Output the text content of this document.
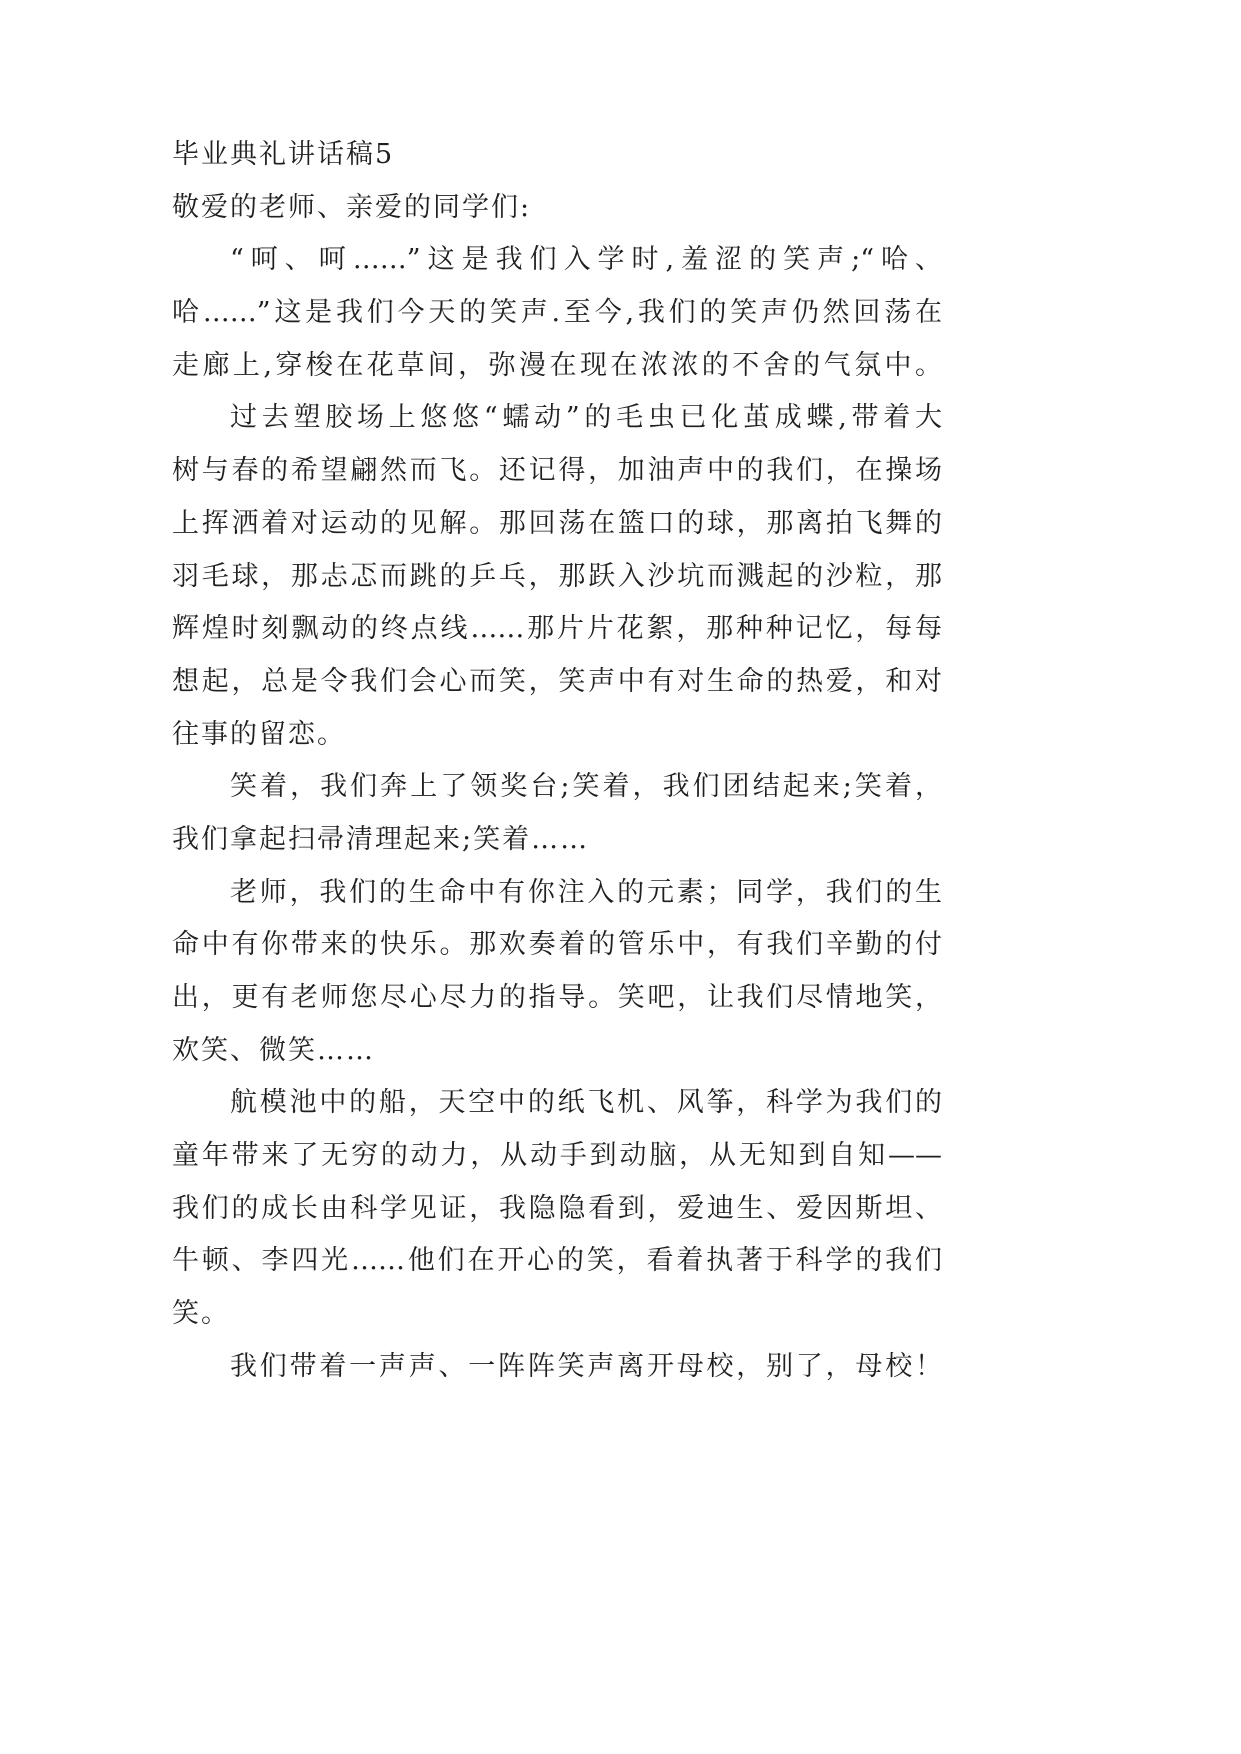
毕业典礼讲话稿5
敬爱的老师、亲爱的同学们:
“呵、呵……”这是我们入学时,羞涩的笑声;“哈、
哈……”这是我们今天的笑声.至今,我们的笑声仍然回荡在
走廊上,穿梭在花草间，弥漫在现在浓浓的不舍的气氛中。
过去塑胶场上悠悠“蠕动”的毛虫已化茧成蝶,带着大
树与春的希望翩然而飞。还记得，加油声中的我们，在操场
上挥洒着对运动的见解。那回荡在篮口的球，那离拍飞舞的
羽毛球，那忐忑而跳的乒乓，那跃入沙坑而溅起的沙粒，那
辉煌时刻飘动的终点线……那片片花絮，那种种记忆，每每
想起，总是令我们会心而笑，笑声中有对生命的热爱，和对
往事的留恋。
笑着，我们奔上了领奖台;笑着，我们团结起来;笑着，
我们拿起扫帚清理起来;笑着……
老师，我们的生命中有你注入的元素；同学，我们的生
命中有你带来的快乐。那欢奏着的管乐中，有我们辛勤的付
出，更有老师您尽心尽力的指导。笑吧，让我们尽情地笑，
欢笑、微笑……
航模池中的船，天空中的纸飞机、风筝，科学为我们的
童年带来了无穷的动力，从动手到动脑，从无知到自知——
我们的成长由科学见证，我隐隐看到，爱迪生、爱因斯坦、
牛顿、李四光……他们在开心的笑，看着执著于科学的我们
笑。
我们带着一声声、一阵阵笑声离开母校，别了，母校！
